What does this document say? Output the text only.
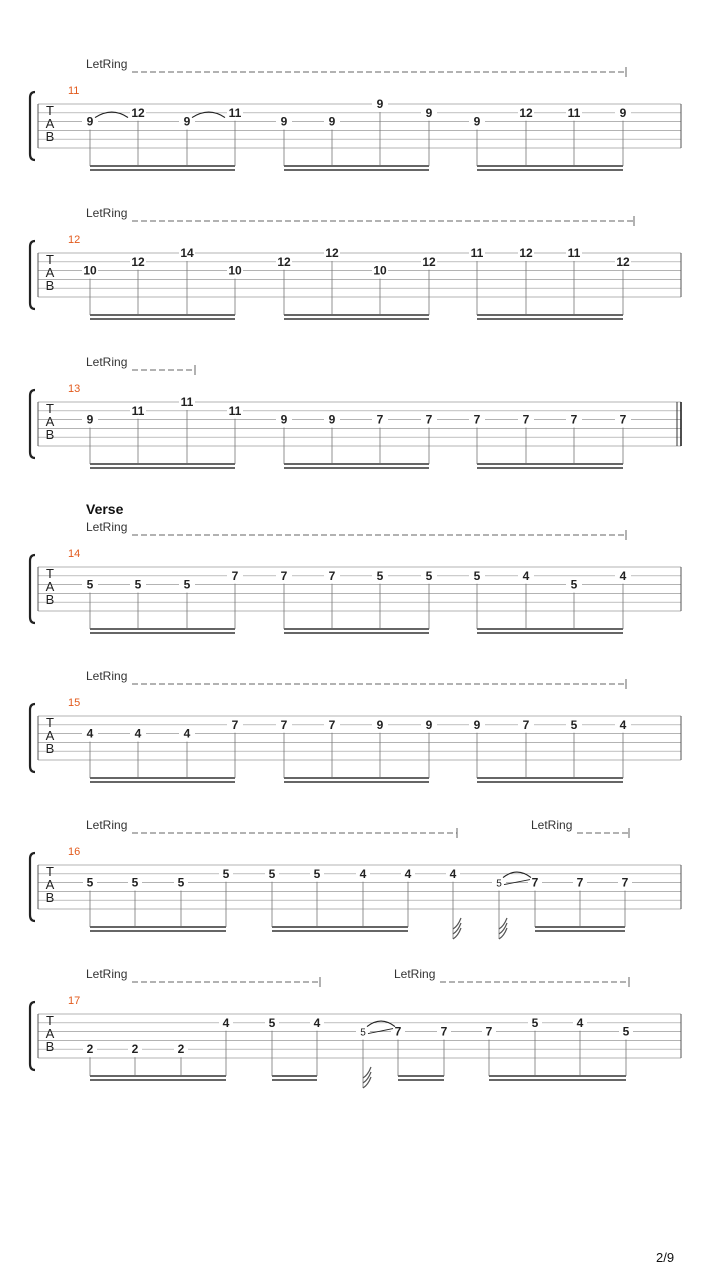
T
A
B
11
LetRing
9
12
9
11
9	9
9
9
9
12	11	9
T
A
B
12
LetRing
10
12
14
10
12
12
10
12
11	12	11
12
T
A
B
13
LetRing
9
11
11
11
9	9	7	7	7	7	7	7
T
A
B
14
Verse
LetRing
5	5	5
7	7	7	5	5	5	4
5
4
T
A
B
15
LetRing
4	4	4
7	7	7	9	9	9	7	5	4
T
A
B
16
LetRing	LetRing
5	5	5
5	5	5	4	4	4
5 7	7	7
T
A
B
17
LetRing	LetRing
2	2	2
4	5	4
5 7	7	7
5	4
5
2/9
